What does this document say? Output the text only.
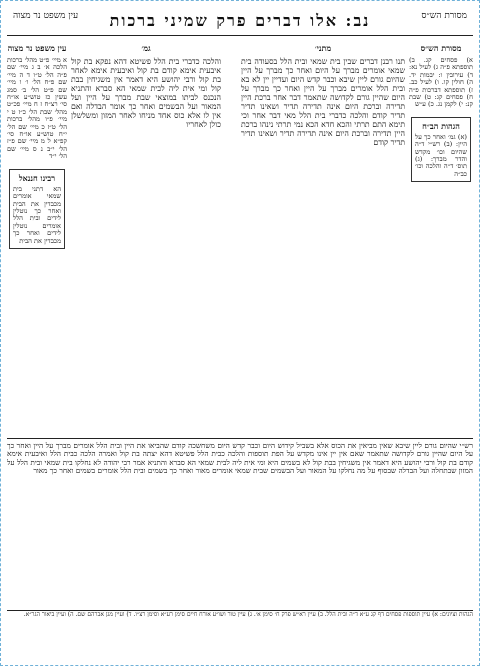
עין משפט נר מצוה	נב: אלו דברים פרק שמיני ברכות	מסורת הש״ס
עין משפט נר מצוה
א מיי׳ פ״ט מהל׳ ברכות הלכה א׳ ב ג מיי׳ שם פ״ה הל׳ ט״ו ד ה מיי׳ שם פ״ח הל׳ ו׳ ו מיי׳ שם פ״ט הל׳ ב׳ סמג עשין כז טוש״ע או״ח סי׳ רצ״ח ז ח מיי׳ פכ״ט מהל׳ שבת הל׳ כ״ז ט י מיי׳ פ״ו מהל׳ ברכות הל׳ ט״ז כ מיי׳ שם הל׳ י״ח טוש״ע או״ח סי׳ קפ״א ל מ מיי׳ שם פ״ז הל׳ י״ב נ ס מיי׳ שם הל׳ י״ד
רבינו חננאל
הא דתני בית שמאי אומרים מכבדין את הבית ואחר כך נוטלין לידים ובית הלל אומרים נוטלין לידים ואחר כך מכבדין את הבית
גמ׳
והלכה כדברי בית הלל פשיטא דהא נפקא בת קול איבעית אימא קודם בת קול ואיבעית אימא לאחר בת קול ורבי יהושע היא דאמר אין משגיחין בבת קול ומי אית ליה לבית שמאי הא סברא והתניא הנכנס לביתו במוצאי שבת מברך על היין ועל המאור ועל הבשמים ואחר כך אומר הבדלה ואם אין לו אלא כוס אחד מניחו לאחר המזון ומשלשלן כולן לאחריו
מתני׳
תנו רבנן דברים שבין בית שמאי ובית הלל בסעודה בית שמאי אומרים מברך על היום ואחר כך מברך על היין שהיום גורם ליין שיבא וכבר קדש היום ועדיין יין לא בא ובית הלל אומרים מברך על היין ואחר כך מברך על היום שהיין גורם לקדושה שתאמר דבר אחר ברכת היין תדירה וברכת היום אינה תדירה תדיר ושאינו תדיר תדיר קודם והלכה כדברי בית הלל מאי דבר אחר וכי תימא התם תרתי והכא חדא הכא נמי תרתי נינהו ברכת היין תדירה וברכת היום אינה תדירה תדיר ושאינו תדיר תדיר קודם
מסורת הש״ס
א) פסחים קג. ב) תוספתא פ״ה ג) לעיל נא: ד) עירובין ו: יבמות יד. ה) חולין קו. ו) לעיל כב. ז) תוספתא דברכות פ״ה ח) פסחים קג: ט) שבת קנ: י) לקמן נג. כ) ע״ש
הגהות הב״ח
(א) גמ׳ ואחר כך על היין: (ב) רש״י ד״ה שהיום וכו׳ מקדש והדר מברך: (ג) תוס׳ ד״ה והלכה וכו׳ כב״ה
רש״י שהיום גורם ליין שיבא שאין מביאין את הכוס אלא בשביל קידוש היום וכבר קדש היום משחשכה קודם שהביאו את היין ובית הלל אומרים מברך על היין ואחר כך על היום שהיין גורם לקדושה שתאמר שאם אין יין אינו מקדש על הפת תוספות והלכה כבית הלל פשיטא דהא יצתה בת קול ואמרה הלכה כבית הלל ואיבעית אימא קודם בת קול ורבי יהושע היא דאמר אין משגיחין בבת קול לא בשמים היא ומי אית ליה לבית שמאי הא סברא והתניא אמר רבי יהודה לא נחלקו בית שמאי ובית הלל על המזון שבתחלה ועל הבדלה שבסוף על מה נחלקו על המאור ועל הבשמים שבית שמאי אומרים מאור ואחר כך בשמים ובית הלל אומרים בשמים ואחר כך מאור
הגהות וציונים: א) עיין תוספות פסחים דף קג ע״א ד״ה ובית הלל. ב) עיין רא״ש פרק ח׳ סימן א׳. ג) עיין טור ושו״ע אורח חיים סימן רע״א וסימן רצ״ו. ד) ועיין מגן אברהם שם. ה) ועיין ביאור הגר״א.
